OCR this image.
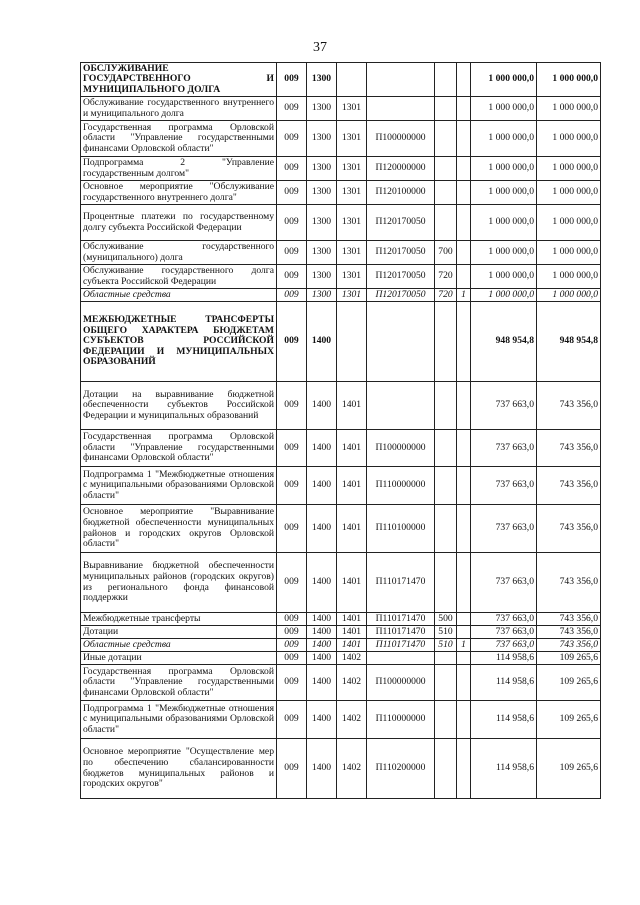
37
ОБСЛУЖИВАНИЕ ГОСУДАРСТВЕННОГО И МУНИЦИПАЛЬНОГО ДОЛГА	009	1300					1 000 000,0	1 000 000,0
Обслуживание государственного внутреннего и муниципального долга	009	1300	1301				1 000 000,0	1 000 000,0
Государственная программа Орловской области "Управление государственными финансами Орловской области"	009	1300	1301	П100000000			1 000 000,0	1 000 000,0
Подпрограмма 2 "Управление государственным долгом"	009	1300	1301	П120000000			1 000 000,0	1 000 000,0
Основное мероприятие "Обслуживание государственного внутреннего долга"	009	1300	1301	П120100000			1 000 000,0	1 000 000,0
Процентные платежи по государственному долгу субъекта Российской Федерации	009	1300	1301	П120170050			1 000 000,0	1 000 000,0
Обслуживание государственного (муниципального) долга	009	1300	1301	П120170050	700		1 000 000,0	1 000 000,0
Обслуживание государственного долга субъекта Российской Федерации	009	1300	1301	П120170050	720		1 000 000,0	1 000 000,0
Областные средства	009	1300	1301	П120170050	720	1	1 000 000,0	1 000 000,0
МЕЖБЮДЖЕТНЫЕ ТРАНСФЕРТЫ ОБЩЕГО ХАРАКТЕРА БЮДЖЕТАМ СУБЪЕКТОВ РОССИЙСКОЙ ФЕДЕРАЦИИ И МУНИЦИПАЛЬНЫХ ОБРАЗОВАНИЙ	009	1400					948 954,8	948 954,8
Дотации на выравнивание бюджетной обеспеченности субъектов Российской Федерации и муниципальных образований	009	1400	1401				737 663,0	743 356,0
Государственная программа Орловской области "Управление государственными финансами Орловской области"	009	1400	1401	П100000000			737 663,0	743 356,0
Подпрограмма 1 "Межбюджетные отношения с муниципальными образованиями Орловской области"	009	1400	1401	П110000000			737 663,0	743 356,0
Основное мероприятие "Выравнивание бюджетной обеспеченности муниципальных районов и городских округов Орловской области"	009	1400	1401	П110100000			737 663,0	743 356,0
Выравнивание бюджетной обеспеченности муниципальных районов (городских округов) из регионального фонда финансовой поддержки	009	1400	1401	П110171470			737 663,0	743 356,0
Межбюджетные трансферты	009	1400	1401	П110171470	500		737 663,0	743 356,0
Дотации	009	1400	1401	П110171470	510		737 663,0	743 356,0
Областные средства	009	1400	1401	П110171470	510	1	737 663,0	743 356,0
Иные дотации	009	1400	1402				114 958,6	109 265,6
Государственная программа Орловской области "Управление государственными финансами Орловской области"	009	1400	1402	П100000000			114 958,6	109 265,6
Подпрограмма 1 "Межбюджетные отношения с муниципальными образованиями Орловской области"	009	1400	1402	П110000000			114 958,6	109 265,6
Основное мероприятие "Осуществление мер по обеспечению сбалансированности бюджетов муниципальных районов и городских округов"	009	1400	1402	П110200000			114 958,6	109 265,6
